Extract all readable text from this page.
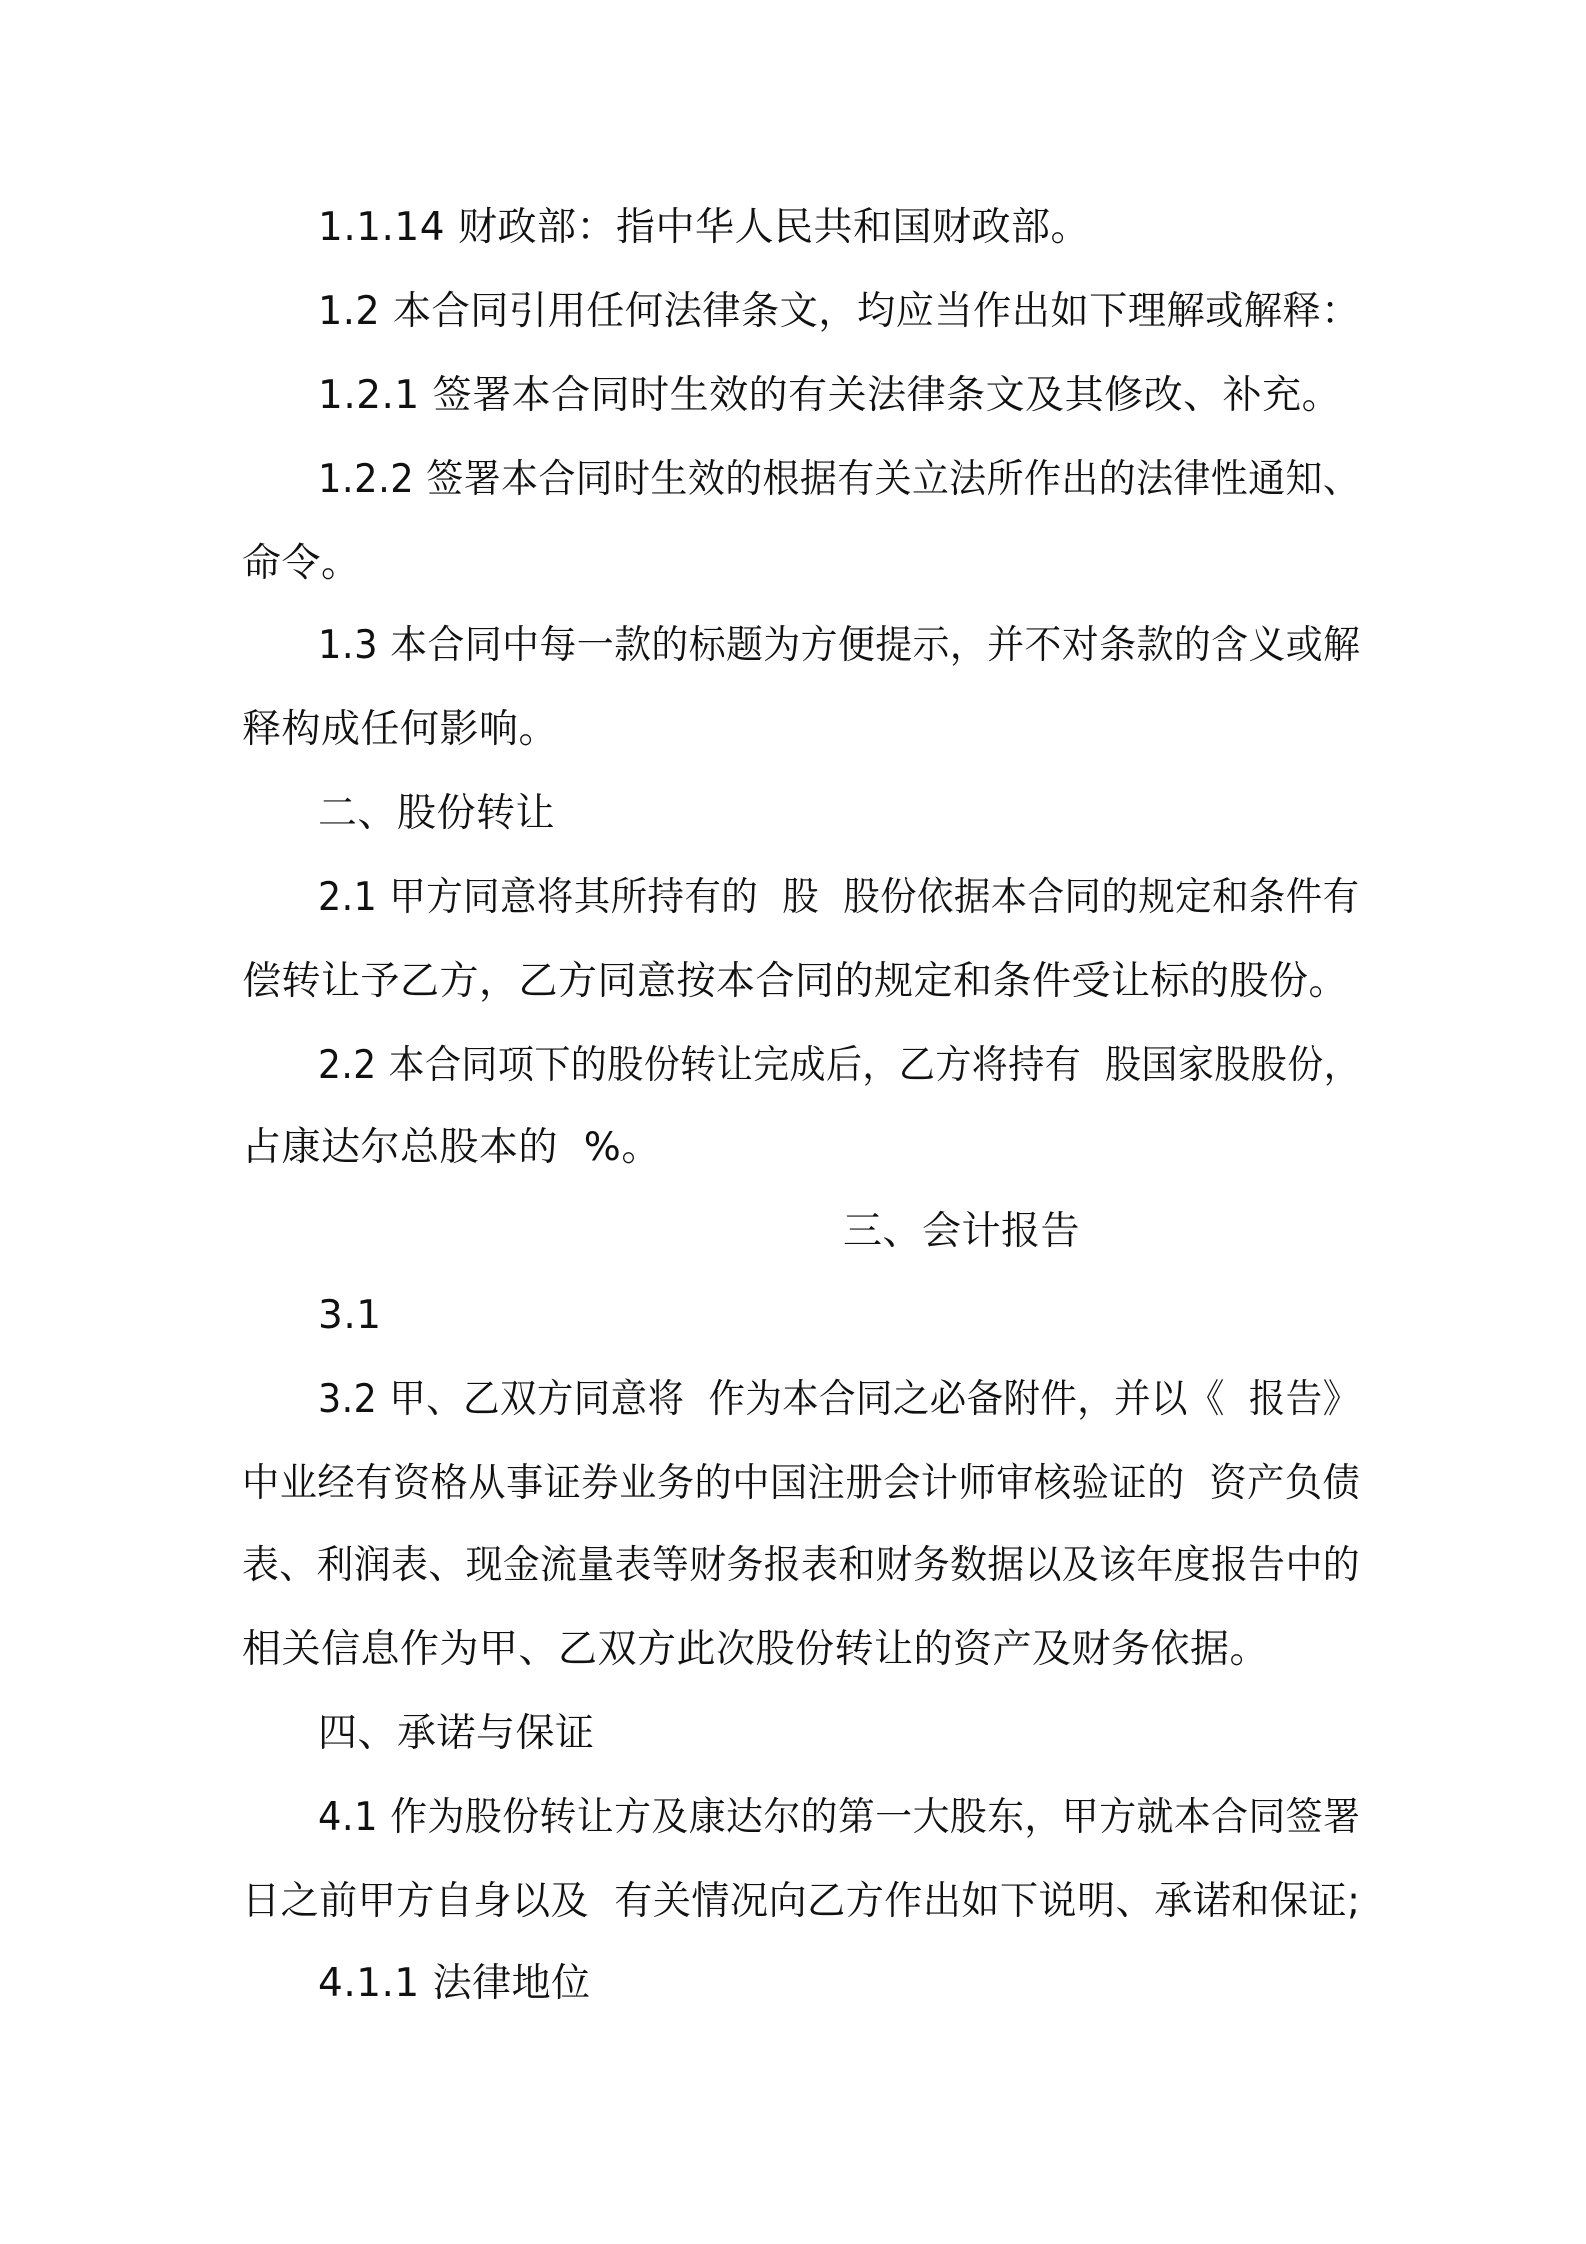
1.1.14 财政部：指中华人民共和国财政部。
1.2 本合同引用任何法律条文，均应当作出如下理解或解释：
1.2.1 签署本合同时生效的有关法律条文及其修改、补充。
1.2.2 签署本合同时生效的根据有关立法所作出的法律性通知、
命令。
1.3 本合同中每一款的标题为方便提示，并不对条款的含义或解
释构成任何影响。
二、股份转让
2.1 甲方同意将其所持有的  股  股份依据本合同的规定和条件有
偿转让予乙方，乙方同意按本合同的规定和条件受让标的股份。
2.2 本合同项下的股份转让完成后，乙方将持有  股国家股股份，
占康达尔总股本的  %。
三、会计报告
3.1
3.2 甲、乙双方同意将  作为本合同之必备附件，并以《  报告》
中业经有资格从事证券业务的中国注册会计师审核验证的  资产负债
表、利润表、现金流量表等财务报表和财务数据以及该年度报告中的
相关信息作为甲、乙双方此次股份转让的资产及财务依据。
四、承诺与保证
4.1 作为股份转让方及康达尔的第一大股东，甲方就本合同签署
日之前甲方自身以及  有关情况向乙方作出如下说明、承诺和保证;
4.1.1 法律地位
